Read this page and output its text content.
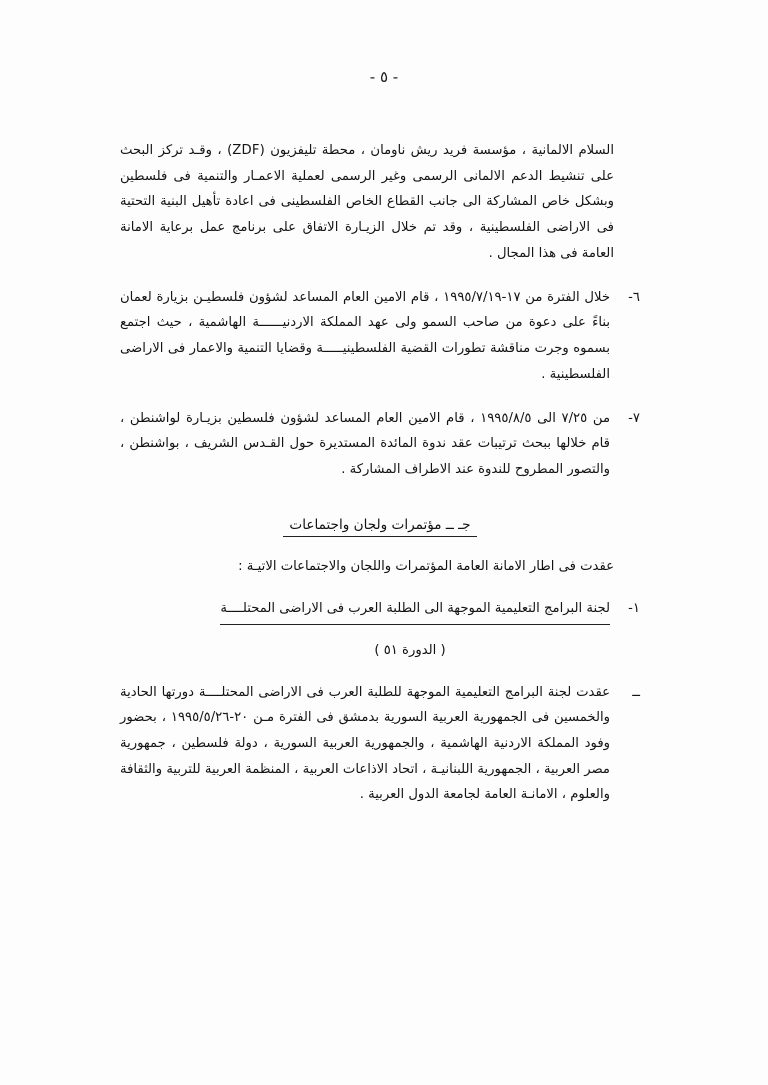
- ٥ -
السلام الالمانية ، مؤسسة فريد ريش ناومان ، محطة تليفزيون (ZDF) ، وقـد تركز البحث على تنشيط الدعم الالمانى الرسمى وغير الرسمى لعملية الاعمـار والتنمية فى فلسطين وبشكل خاص المشاركة الى جانب القطاع الخاص الفلسطينى فى اعادة تأهيل البنية التحتية فى الاراضى الفلسطينية ، وقد تم خلال الزيـارة الاتفاق على برنامج عمل برعاية الامانة العامة فى هذا المجال .
٦-
خلال الفترة من ١٧-١٩٩٥/٧/١٩ ، قام الامين العام المساعد لشؤون فلسطيـن بزيارة لعمان بناءً على دعوة من صاحب السمو ولى عهد المملكة الاردنيــــــة الهاشمية ، حيث اجتمع بسموه وجرت مناقشة تطورات القضية الفلسطينيـــــة وقضايا التنمية والاعمار فى الاراضى الفلسطينية .
٧-
من ٧/٢٥ الى ١٩٩٥/٨/٥ ، قام الامين العام المساعد لشؤون فلسطين بزيـارة لواشنطن ، قام خلالها ببحث ترتيبات عقد ندوة المائدة المستديرة حول القـدس الشريف ، بواشنطن ، والتصور المطروح للندوة عند الاطراف المشاركة .
جـ ــ مؤتمرات ولجان واجتماعات
عقدت فى اطار الامانة العامة المؤتمرات واللجان والاجتماعات الاتيـة :
١-
لجنة البرامج التعليمية الموجهة الى الطلبة العرب فى الاراضى المحتلــــة
( الدورة ٥١ )
ــ
عقدت لجنة البرامج التعليمية الموجهة للطلبة العرب فى الاراضى المحتلــــة دورتها الحادية والخمسين فى الجمهورية العربية السورية بدمشق فى الفترة مـن ٢٠-١٩٩٥/٥/٢٦ ، بحضور وفود المملكة الاردنية الهاشمية ، والجمهورية العربية السورية ، دولة فلسطين ، جمهورية مصر العربية ، الجمهورية اللبنانيـة ، اتحاد الاذاعات العربية ، المنظمة العربية للتربية والثقافة والعلوم ، الامانـة العامة لجامعة الدول العربية .
